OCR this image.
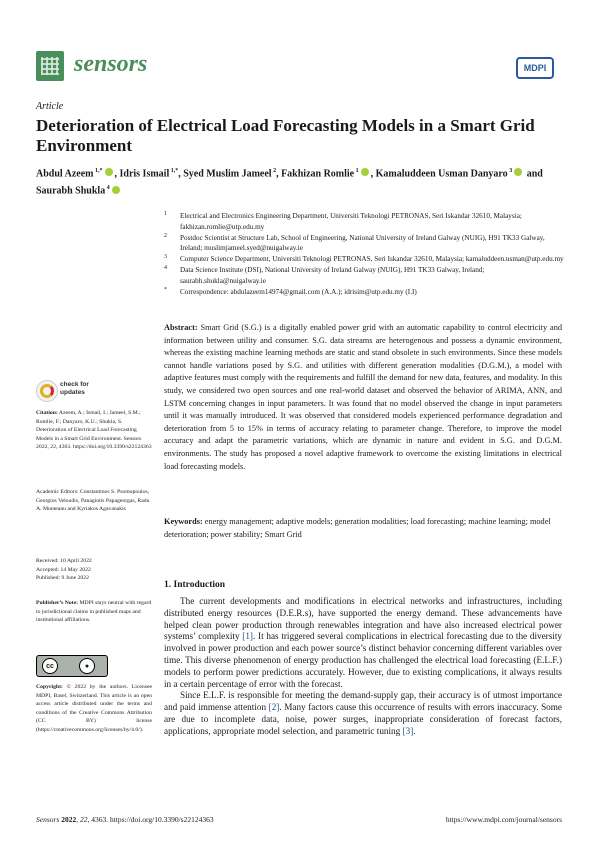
sensors	MDPI
Article
Deterioration of Electrical Load Forecasting Models in a Smart Grid Environment
Abdul Azeem $^{1,*}$ , Idris Ismail $^{1,*}$, Syed Muslim Jameel $^2$, Fakhizan Romlie $^1$ , Kamaluddeen Usman Danyaro $^3$ and Saurabh Shukla $^4$
1 Electrical and Electronics Engineering Department, Universiti Teknologi PETRONAS, Seri Iskandar 32610, Malaysia; fakhizan.romlie@utp.edu.my
2 Postdoc Scientist at Structure Lab, School of Engineering, National University of Ireland Galway (NUIG), H91 TK33 Galway, Ireland; muslimjameel.syed@nuigalway.ie
3 Computer Science Department, Universiti Teknologi PETRONAS, Seri Iskandar 32610, Malaysia; kamaluddeen.usman@utp.edu.my
4 Data Science Institute (DSI), National University of Ireland Galway (NUIG), H91 TK33 Galway, Ireland; saurabh.shukla@nuigalway.ie
* Correspondence: abdulazeem14974@gmail.com (A.A.); idrisim@utp.edu.my (I.I)
Abstract: Smart Grid (S.G.) is a digitally enabled power grid with an automatic capability to control electricity and information between utility and consumer. S.G. data streams are heterogenous and possess a dynamic environment, whereas the existing machine learning methods are static and stand obsolete in such environments. Since these models cannot handle variations posed by S.G. and utilities with different generation modalities (D.G.M.), a model with adaptive features must comply with the requirements and fulfill the demand for new data, features, and modality. In this study, we considered two open sources and one real-world dataset and observed the behavior of ARIMA, ANN, and LSTM concerning changes in input parameters. It was found that no model observed the change in input parameters until it was manually introduced. It was observed that considered models experienced performance degradation and deterioration from 5 to 15% in terms of accuracy relating to parameter change. Therefore, to improve the model accuracy and adapt the parametric variations, which are dynamic in nature and evident in S.G. and D.G.M. environments. The study has proposed a novel adaptive framework to overcome the existing limitations in electrical load forecasting models.
Keywords: energy management; adaptive models; generation modalities; load forecasting; machine learning; model deterioration; power stability; Smart Grid
check for
updates
Citation: Azeem, A.; Ismail, I.; Jameel, S.M.; Romlie, F.; Danyaro, K.U.; Shukla, S. Deterioration of Electrical Load Forecasting Models in a Smart Grid Environment. Sensors 2022, 22, 4363. https://doi.org/10.3390/s22124363
Academic Editors: Constantinos S. Psomopoulos, Georgios Veloudis, Panagiotis Papageorgas, Radu A. Munteanu and Kyriakos Agavanakis
Received: 10 April 2022
Accepted: 14 May 2022
Published: 9 June 2022
Publisher’s Note: MDPI stays neutral with regard to jurisdictional claims in published maps and institutional affiliations.
cc	●
Copyright: © 2022 by the authors. Licensee MDPI, Basel, Switzerland. This article is an open access article distributed under the terms and conditions of the Creative Commons Attribution (CC BY) license (https://creativecommons.org/licenses/by/4.0/).
1. Introduction

The current developments and modifications in electrical networks and infrastructures, including distributed energy resources (D.E.R.s), have supported the energy demand. These advancements have helped clean power production through renewables integration and have also increased electrical power systems’ complexity [1]. It has triggered several complications in electrical forecasting due to the diversity involved in power production and each power source’s distinct behavior concerning different variables over time. This diverse phenomenon of energy production has challenged the electrical load forecasting (E.L.F.) models to perform power predictions accurately. However, due to existing complications, it always results in a certain percentage of error with the forecast.

Since E.L.F. is responsible for meeting the demand-supply gap, their accuracy is of utmost importance and paid immense attention [2]. Many factors cause this occurrence of results with errors inaccuracy. Some are due to incomplete data, noise, power surges, inappropriate consideration of forecast factors, applications, appropriate model selection, and parametric tuning [3].

Sensors 2022, 22, 4363. https://doi.org/10.3390/s22124363	https://www.mdpi.com/journal/sensors
